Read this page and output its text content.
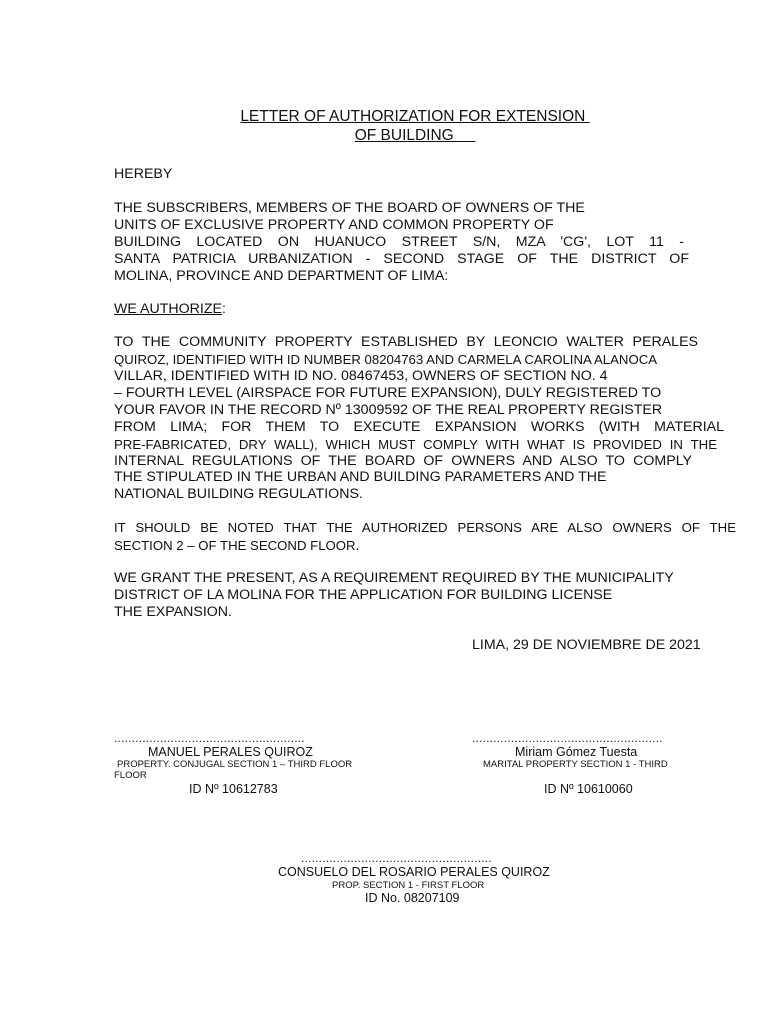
LETTER OF AUTHORIZATION FOR EXTENSION
OF BUILDING
HEREBY
THE SUBSCRIBERS, MEMBERS OF THE BOARD OF OWNERS OF THE
UNITS OF EXCLUSIVE PROPERTY AND COMMON PROPERTY OF
BUILDING LOCATED ON HUANUCO STREET S/N, MZA 'CG', LOT 11 -
SANTA PATRICIA URBANIZATION - SECOND STAGE OF THE DISTRICT OF
MOLINA, PROVINCE AND DEPARTMENT OF LIMA:
WE AUTHORIZE:
TO THE COMMUNITY PROPERTY ESTABLISHED BY LEONCIO WALTER PERALES
QUIROZ, IDENTIFIED WITH ID NUMBER 08204763 AND CARMELA CAROLINA ALANOCA
VILLAR, IDENTIFIED WITH ID NO. 08467453, OWNERS OF SECTION NO. 4
– FOURTH LEVEL (AIRSPACE FOR FUTURE EXPANSION), DULY REGISTERED TO
YOUR FAVOR IN THE RECORD Nº 13009592 OF THE REAL PROPERTY REGISTER
FROM LIMA; FOR THEM TO EXECUTE EXPANSION WORKS (WITH MATERIAL
PRE-FABRICATED, DRY WALL), WHICH MUST COMPLY WITH WHAT IS PROVIDED IN THE
INTERNAL REGULATIONS OF THE BOARD OF OWNERS AND ALSO TO COMPLY
THE STIPULATED IN THE URBAN AND BUILDING PARAMETERS AND THE
NATIONAL BUILDING REGULATIONS.
IT SHOULD BE NOTED THAT THE AUTHORIZED PERSONS ARE ALSO OWNERS OF THE
SECTION 2 – OF THE SECOND FLOOR.
WE GRANT THE PRESENT, AS A REQUIREMENT REQUIRED BY THE MUNICIPALITY
DISTRICT OF LA MOLINA FOR THE APPLICATION FOR BUILDING LICENSE
THE EXPANSION.
LIMA, 29 DE NOVIEMBRE DE 2021
......................................................
MANUEL PERALES QUIROZ
PROPERTY. CONJUGAL SECTION 1 – THIRD FLOOR
FLOOR
ID Nº 10612783
......................................................
Miriam Gómez Tuesta
MARITAL PROPERTY SECTION 1 - THIRD
ID Nº 10610060
......................................................
CONSUELO DEL ROSARIO PERALES QUIROZ
PROP. SECTION 1 - FIRST FLOOR
ID No. 08207109
